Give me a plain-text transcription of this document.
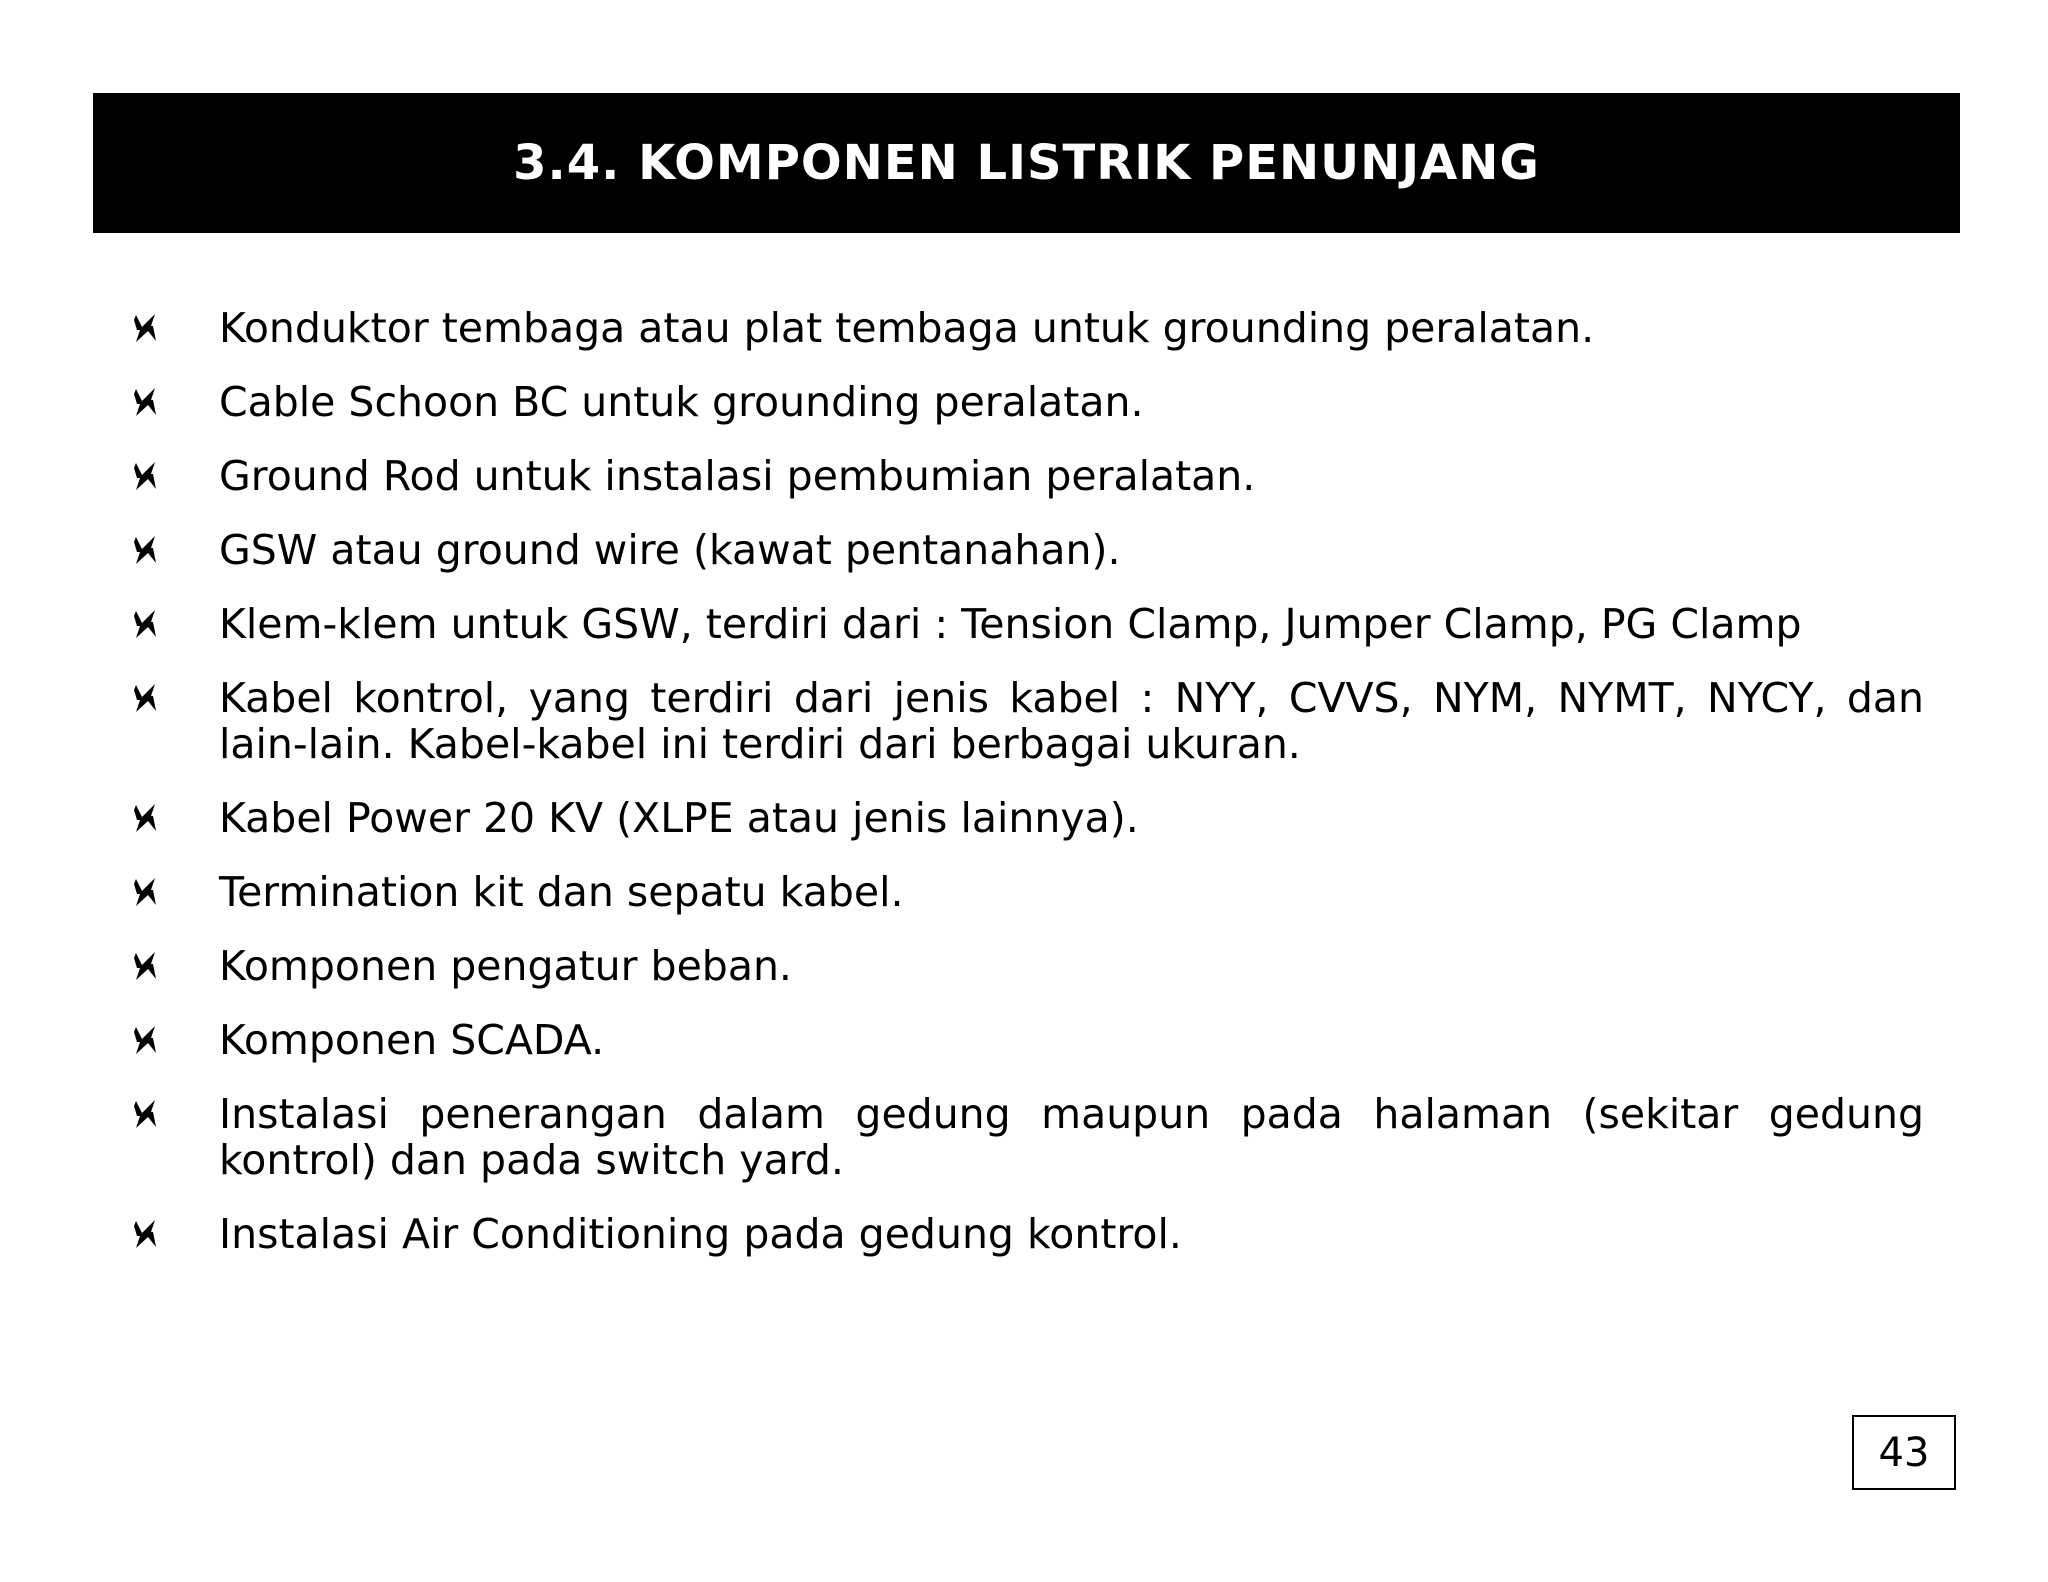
3.4. KOMPONEN LISTRIK PENUNJANG
Konduktor tembaga atau plat tembaga untuk grounding peralatan.
Cable Schoon BC untuk grounding peralatan.
Ground Rod untuk instalasi pembumian peralatan.
GSW atau ground wire (kawat pentanahan).
Klem-klem untuk GSW, terdiri dari : Tension Clamp, Jumper Clamp, PG Clamp
Kabel kontrol, yang terdiri dari jenis kabel : NYY, CVVS, NYM, NYMT, NYCY, dan lain-lain. Kabel-kabel ini terdiri dari berbagai ukuran.
Kabel Power 20 KV (XLPE atau jenis lainnya).
Termination kit dan sepatu kabel.
Komponen pengatur beban.
Komponen SCADA.
Instalasi penerangan dalam gedung maupun pada halaman (sekitar gedung kontrol) dan pada switch yard.
Instalasi Air Conditioning pada gedung kontrol.
43
